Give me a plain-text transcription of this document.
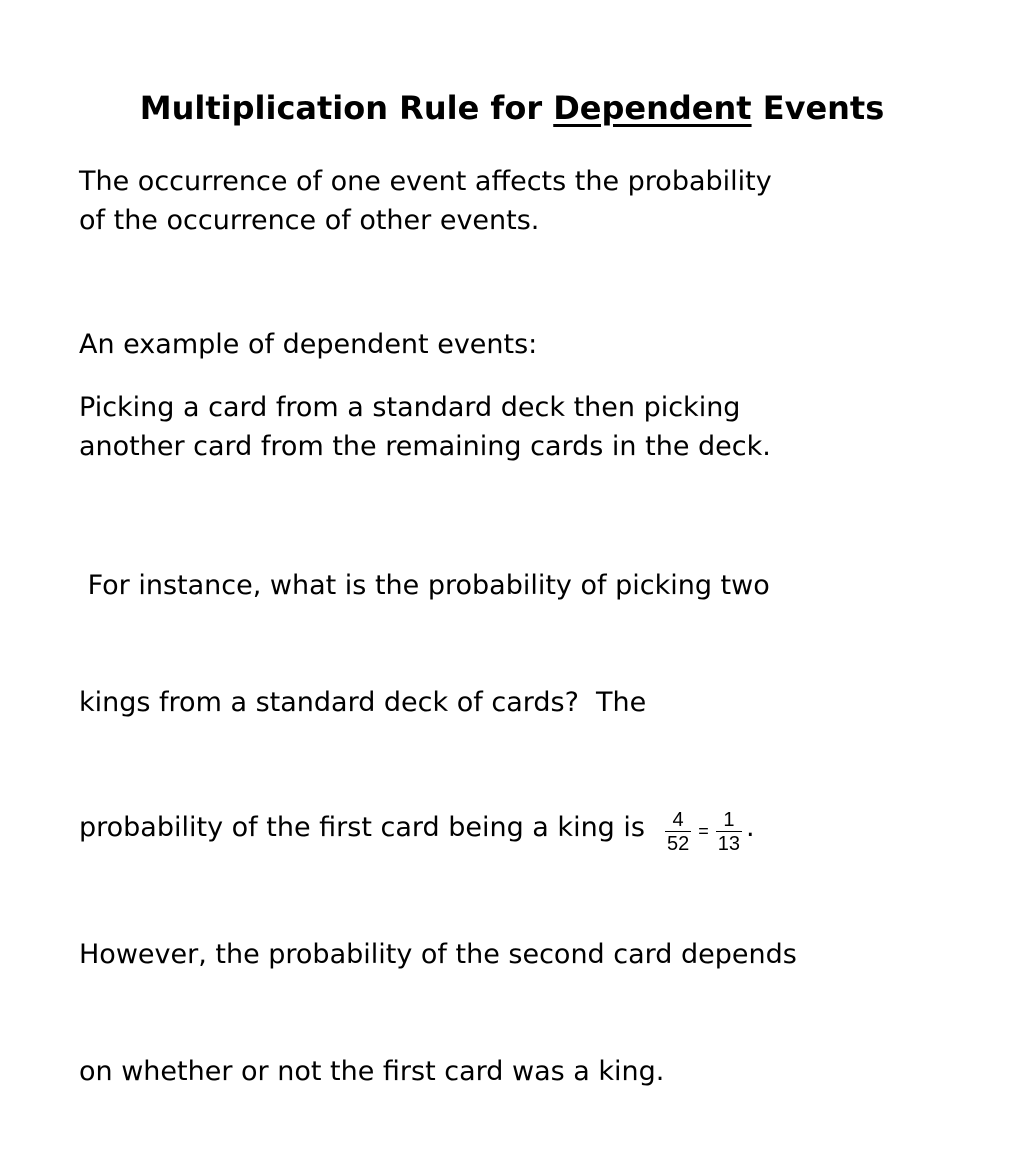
Multiplication Rule for Dependent Events

The occurrence of one event affects the probability
of the occurrence of other events.

An example of dependent events:

Picking a card from a standard deck then picking
another card from the remaining cards in the deck.

For instance, what is the probability of picking two

kings from a standard deck of cards?  The

probability of the first card being a king is $\frac{4}{52} = \frac{1}{13}$ .

However, the probability of the second card depends

on whether or not the first card was a king.
